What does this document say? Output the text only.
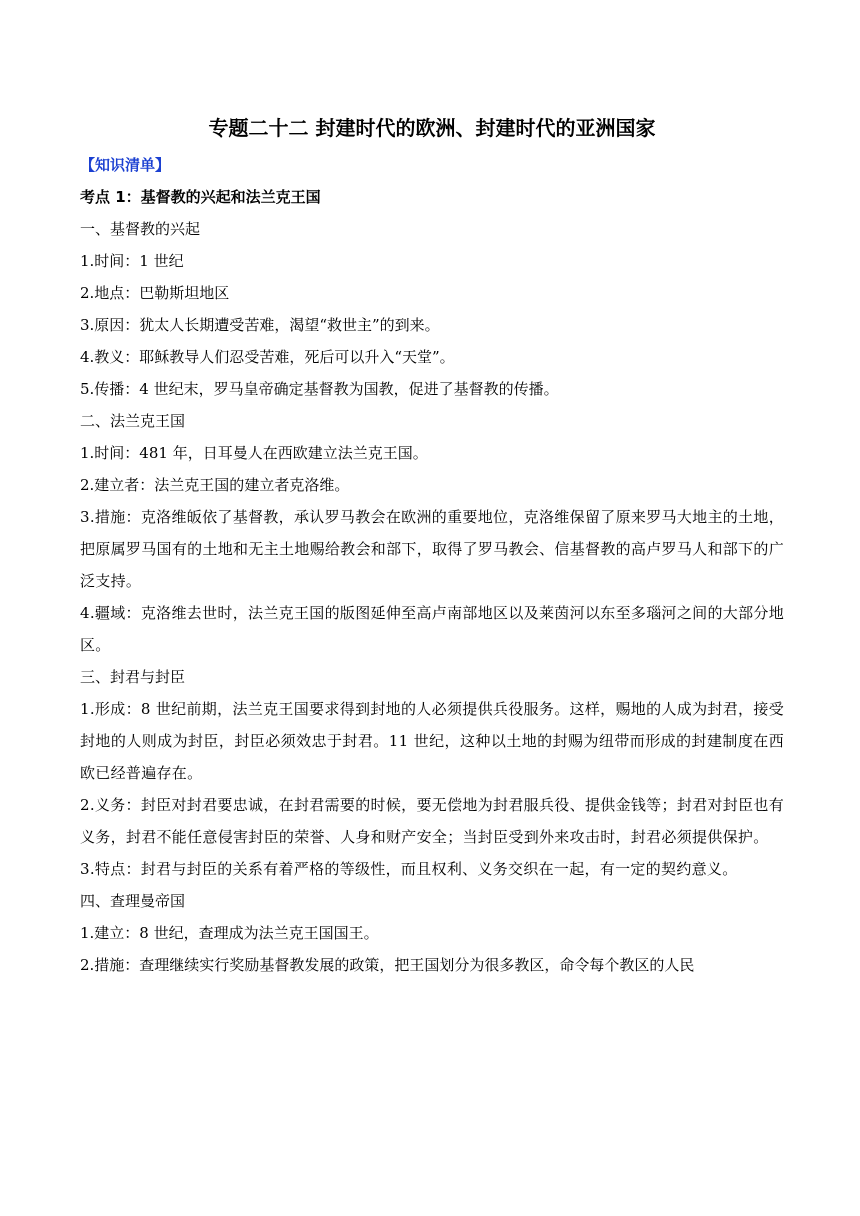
专题二十二 封建时代的欧洲、封建时代的亚洲国家
【知识清单】
考点 1：基督教的兴起和法兰克王国
一、基督教的兴起
1.时间：1 世纪
2.地点：巴勒斯坦地区
3.原因：犹太人长期遭受苦难，渴望“救世主”的到来。
4.教义：耶稣教导人们忍受苦难，死后可以升入“天堂”。
5.传播：4 世纪末，罗马皇帝确定基督教为国教，促进了基督教的传播。
二、法兰克王国
1.时间：481 年，日耳曼人在西欧建立法兰克王国。
2.建立者：法兰克王国的建立者克洛维。
3.措施：克洛维皈依了基督教，承认罗马教会在欧洲的重要地位，克洛维保留了原来罗马大地主的土地，把原属罗马国有的土地和无主土地赐给教会和部下，取得了罗马教会、信基督教的高卢罗马人和部下的广泛支持。
4.疆域：克洛维去世时，法兰克王国的版图延伸至高卢南部地区以及莱茵河以东至多瑙河之间的大部分地区。
三、封君与封臣
1.形成：8 世纪前期，法兰克王国要求得到封地的人必须提供兵役服务。这样，赐地的人成为封君，接受封地的人则成为封臣，封臣必须效忠于封君。11 世纪，这种以土地的封赐为纽带而形成的封建制度在西欧已经普遍存在。
2.义务：封臣对封君要忠诚，在封君需要的时候，要无偿地为封君服兵役、提供金钱等；封君对封臣也有义务，封君不能任意侵害封臣的荣誉、人身和财产安全；当封臣受到外来攻击时，封君必须提供保护。
3.特点：封君与封臣的关系有着严格的等级性，而且权利、义务交织在一起，有一定的契约意义。
四、查理曼帝国
1.建立：8 世纪，查理成为法兰克王国国王。
2.措施：查理继续实行奖励基督教发展的政策，把王国划分为很多教区，命令每个教区的人民
